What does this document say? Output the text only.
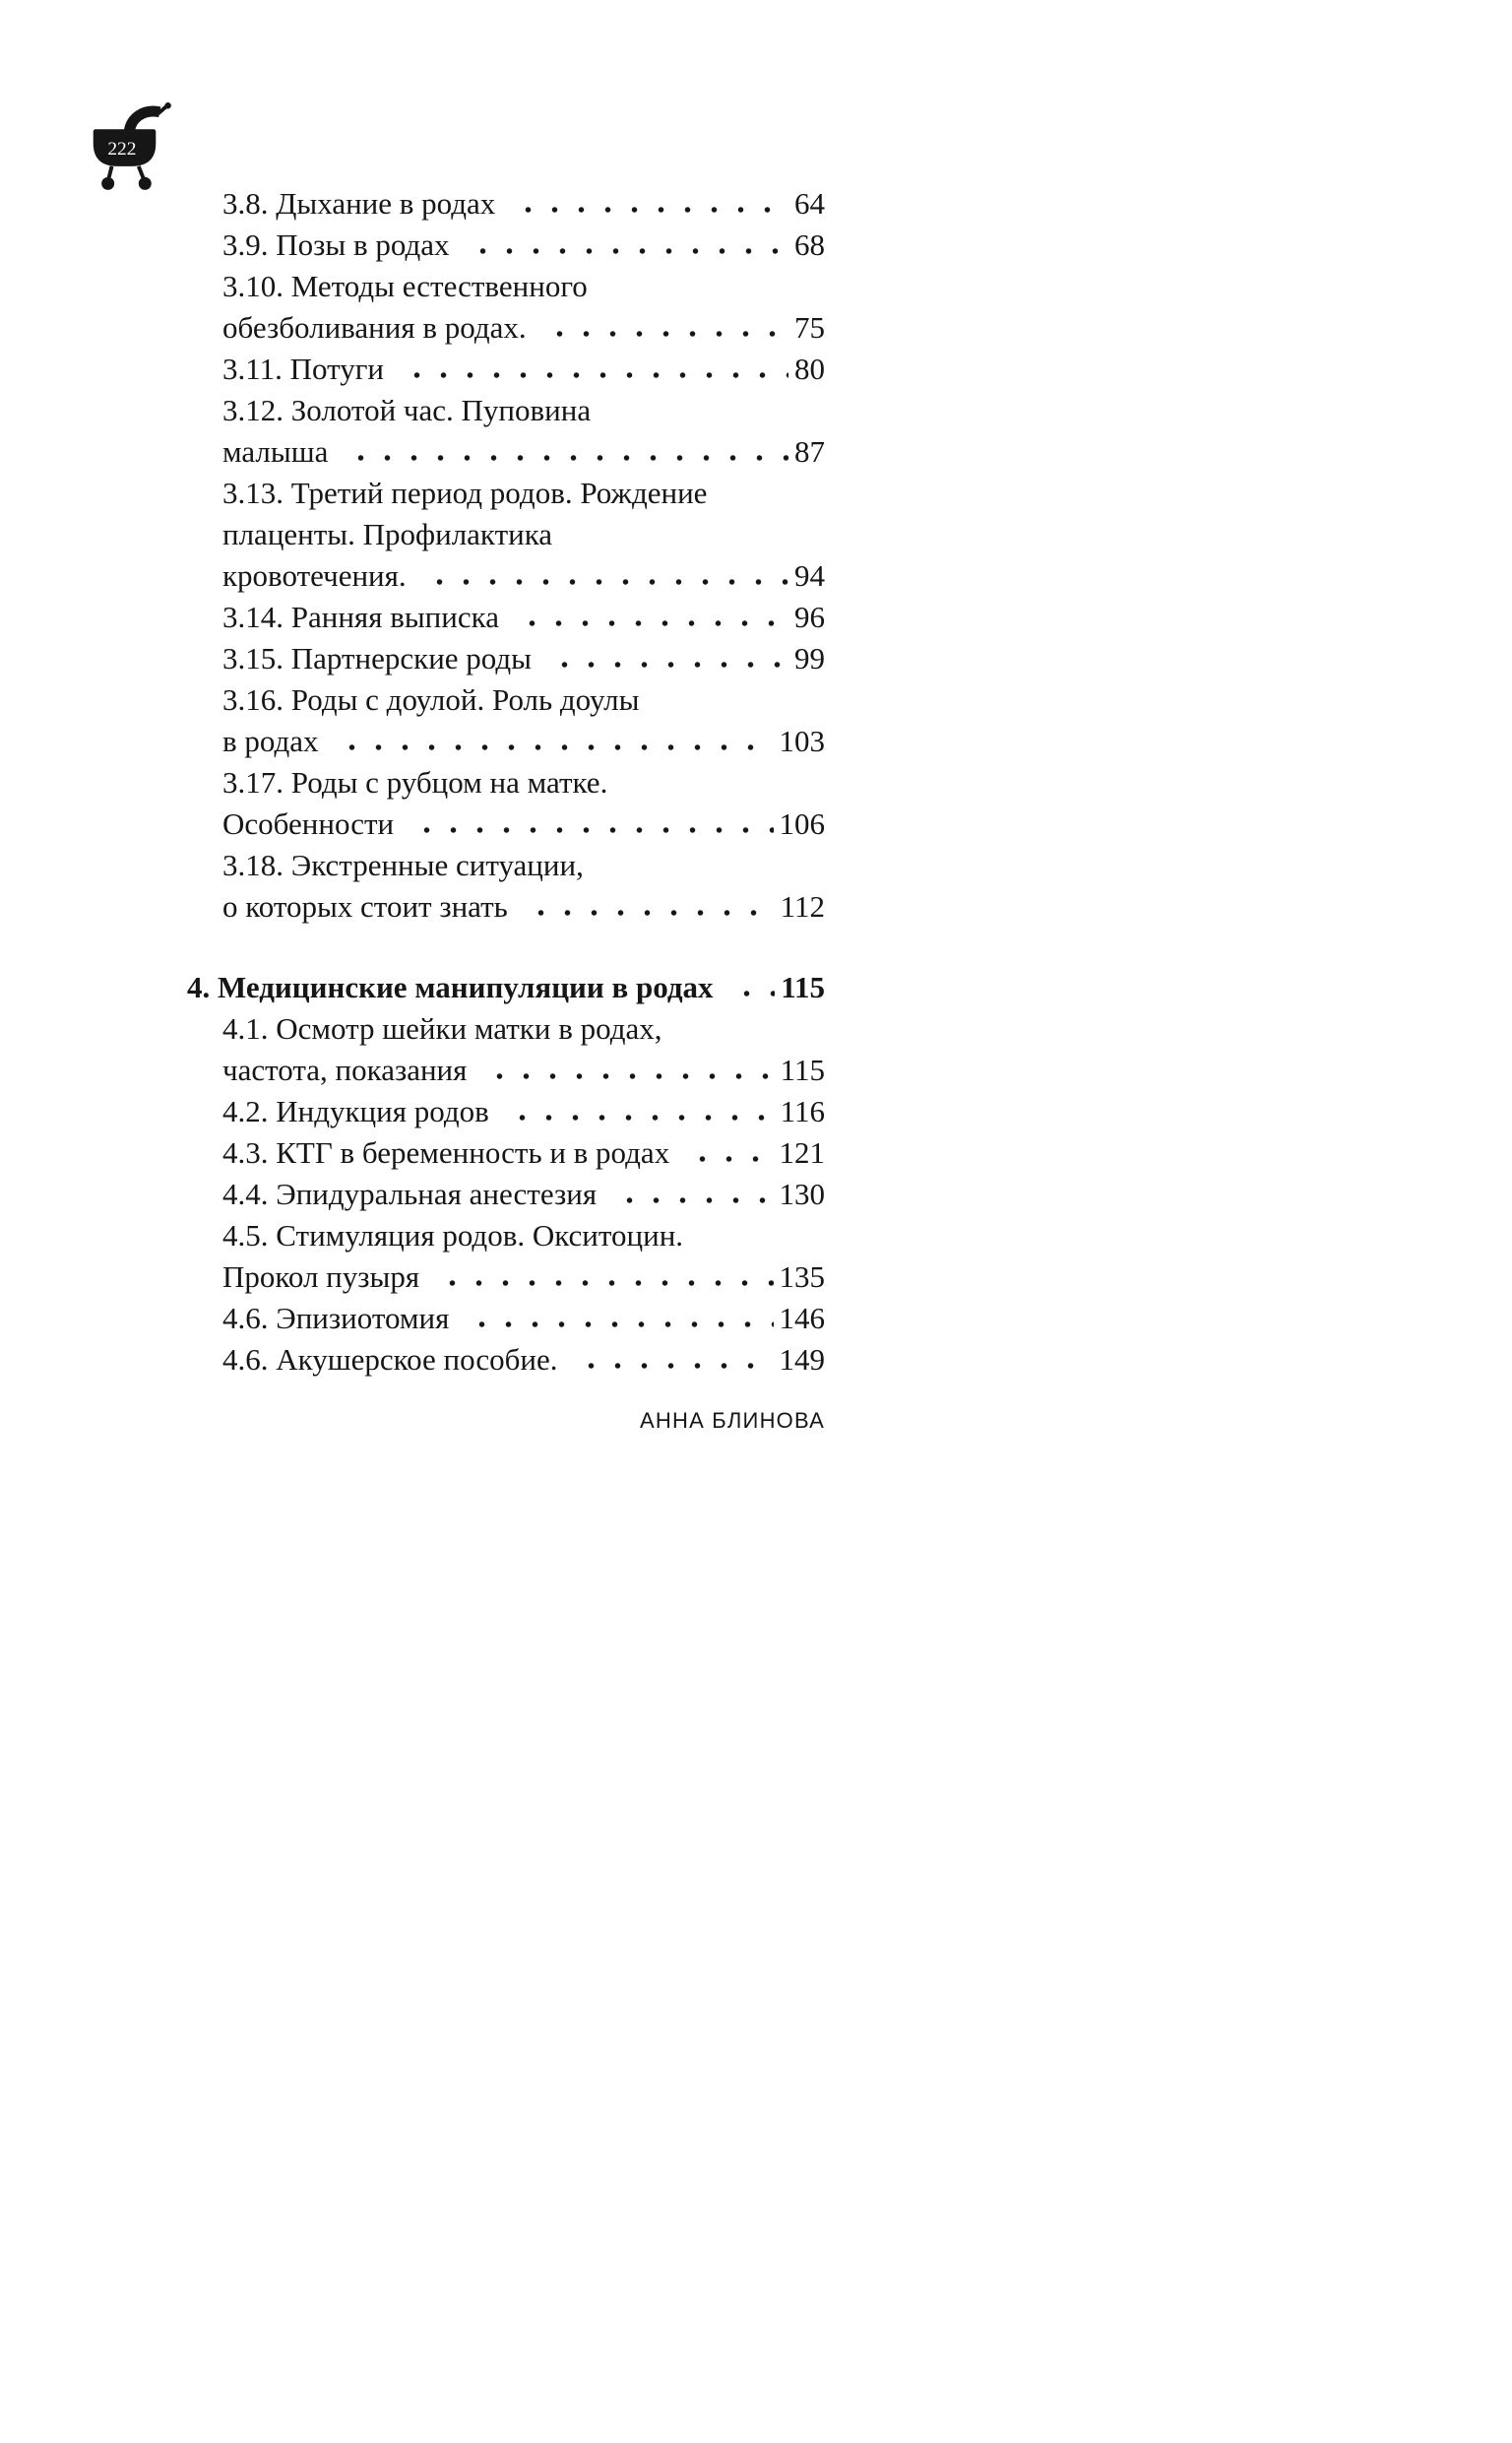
222
3.8. Дыхание в родах	64
3.9. Позы в родах	68
3.10. Методы естественного
обезболивания в родах.	75
3.11. Потуги	80
3.12. Золотой час. Пуповина
малыша	87
3.13. Третий период родов. Рождение
плаценты. Профилактика
кровотечения.	94
3.14. Ранняя выписка	96
3.15. Партнерские роды	99
3.16. Роды с доулой. Роль доулы
в родах	103
3.17. Роды с рубцом на матке.
Особенности	106
3.18. Экстренные ситуации,
о которых стоит знать	112
4. Медицинские манипуляции в родах 115
4.1. Осмотр шейки матки в родах,
частота, показания	115
4.2. Индукция родов	116
4.3. КТГ в беременность и в родах	121
4.4. Эпидуральная анестезия	130
4.5. Стимуляция родов. Окситоцин.
Прокол пузыря	135
4.6. Эпизиотомия	146
4.6. Акушерское пособие.	149
АННА БЛИНОВА
